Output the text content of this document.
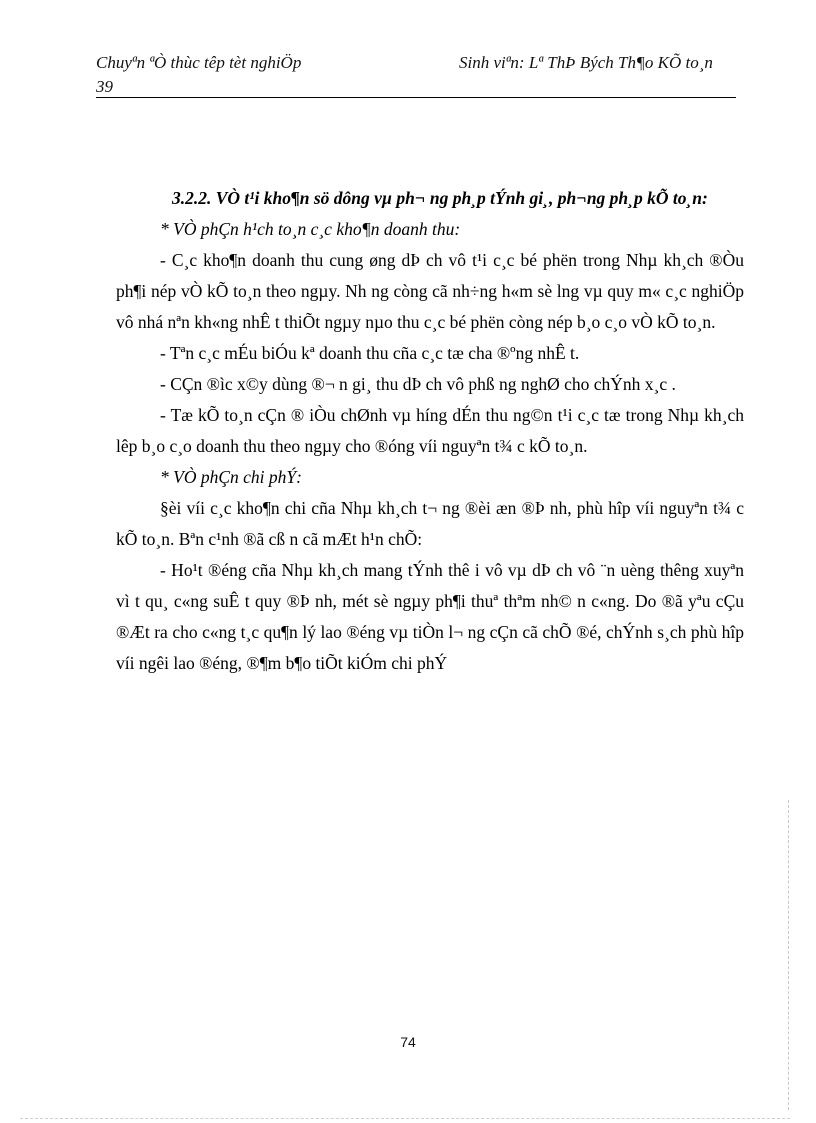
Chuyªn ªÒ thùc têp tèt nghiÖp	Sinh viªn: Lª ThÞ Bých Th¶o KÕ to¸n
39

3.2.2. VÒ t¹i kho¶n sö dông vµ ph¬ ng ph¸p tÝnh gi¸, ph¬ng ph¸p kÕ to¸n:

* VÒ phÇn h¹ch to¸n c¸c kho¶n doanh thu:

- C¸c kho¶n doanh thu cung øng dÞ ch vô t¹i c¸c bé phën trong Nhµ kh¸ch ®Òu ph¶i nép vÒ kÕ to¸n theo ngµy. Nh ng còng cã nh÷ng h«m sè lng vµ quy m« c¸c nghiÖp vô nhá nªn kh«ng nhÊ t thiÕt ngµy nµo thu c¸c bé phën còng nép b¸o c¸o vÒ kÕ to¸n.

- Tªn c¸c mÉu biÓu kª doanh thu cña c¸c tæ cha ®ºng nhÊ t.

- CÇn ®ìc x©y dùng ®¬ n gi¸ thu dÞ ch vô phß ng nghØ cho chÝnh x¸c .

- Tæ kÕ to¸n cÇn ® iÒu chØnh vµ híng dÉn thu ng©n t¹i c¸c tæ trong Nhµ kh¸ch lêp b¸o c¸o doanh thu theo ngµy cho ®óng víi nguyªn t¾ c kÕ to¸n.

* VÒ phÇn chi phÝ:

§èi víi c¸c kho¶n chi cña Nhµ kh¸ch t¬ ng ®èi æn ®Þ nh, phù hîp víi nguyªn t¾ c kÕ to¸n. Bªn c¹nh ®ã cß n cã mÆt h¹n chÕ:

- Ho¹t ®éng cña Nhµ kh¸ch mang tÝnh thê i vô vµ dÞ ch vô ¨n uèng thêng xuyªn vì t qu¸ c«ng suÊ t quy ®Þ nh, mét sè ngµy ph¶i thuª thªm nh© n c«ng. Do ®ã yªu cÇu ®Æt ra cho c«ng t¸c qu¶n lý lao ®éng vµ tiÒn l¬ ng cÇn cã chÕ ®é, chÝnh s¸ch phù hîp víi ngêi lao ®éng, ®¶m b¶o tiÕt kiÓm chi phÝ

74
